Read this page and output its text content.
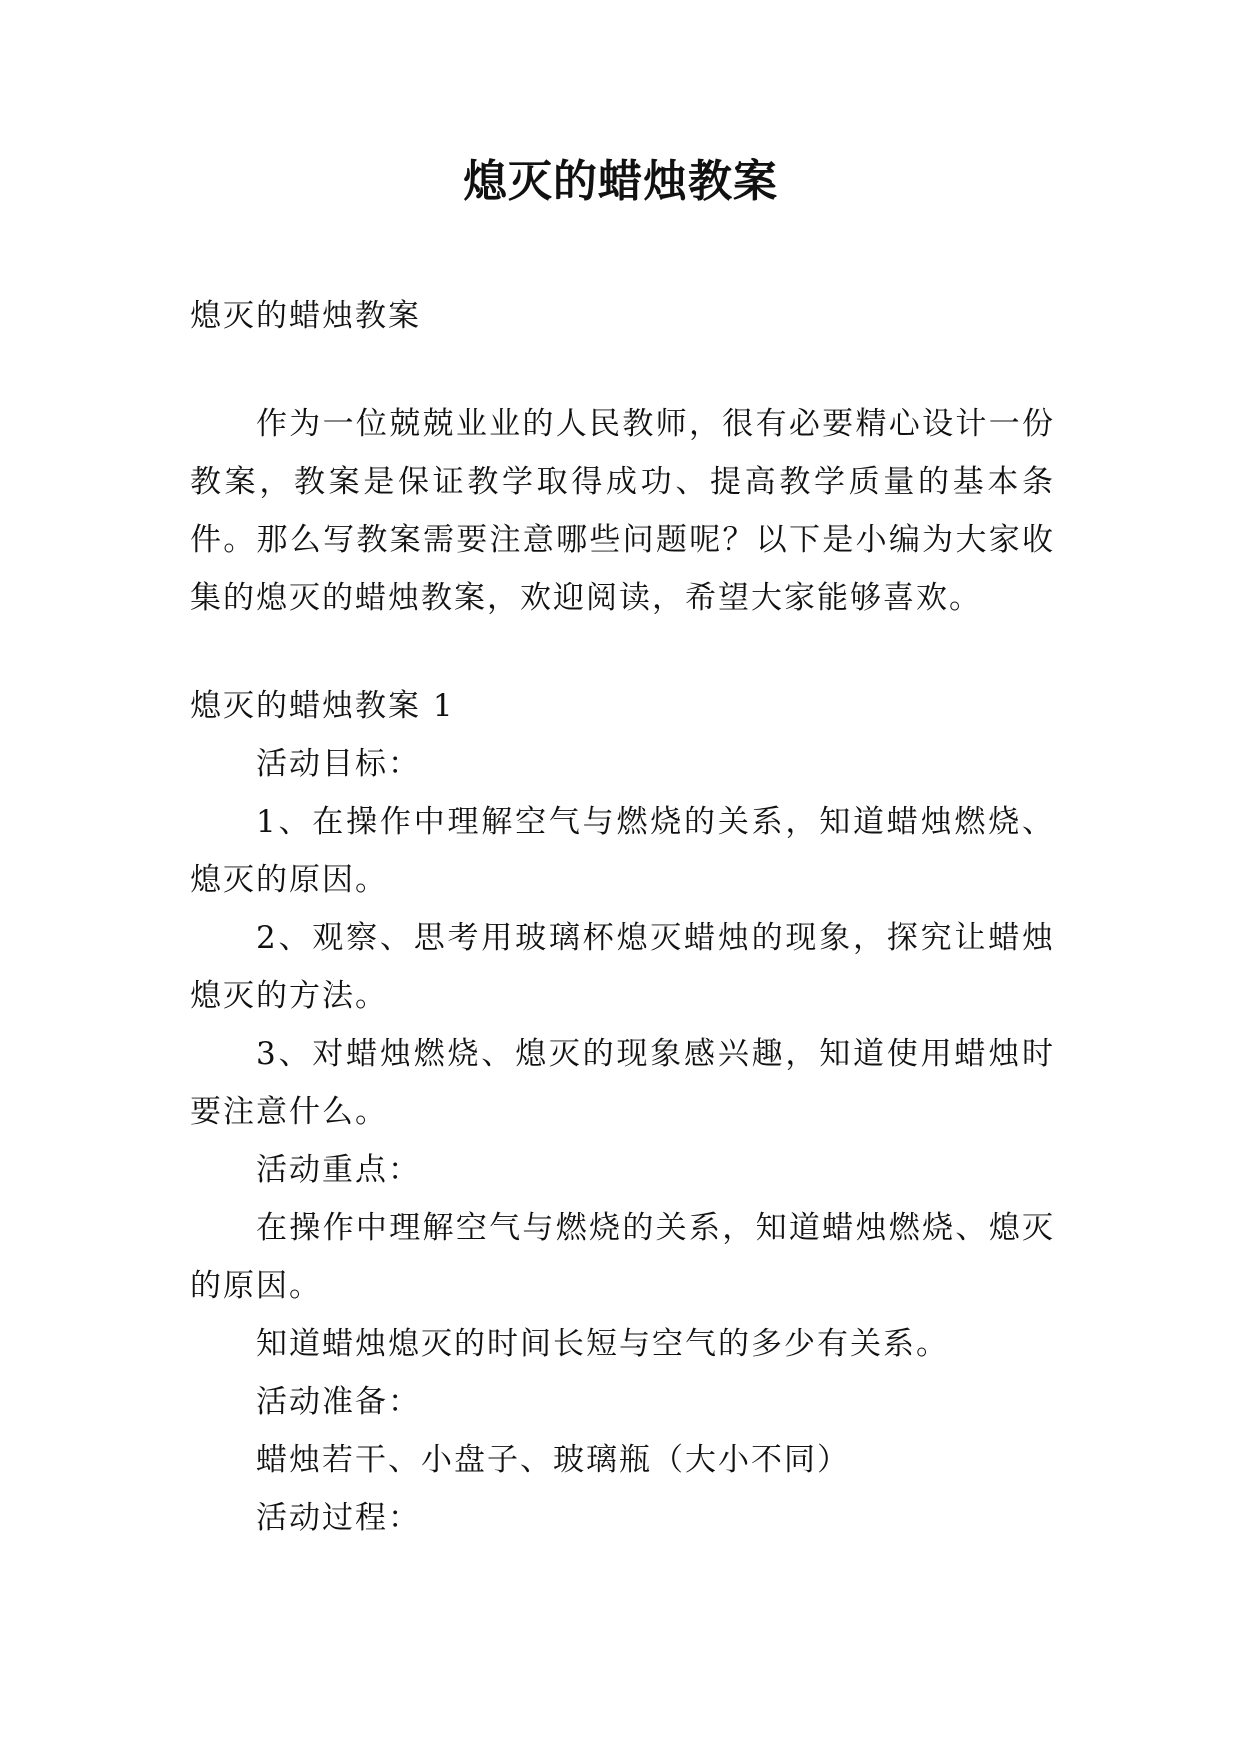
熄灭的蜡烛教案

熄灭的蜡烛教案

作为一位兢兢业业的人民教师，很有必要精心设计一份教案，教案是保证教学取得成功、提高教学质量的基本条件。那么写教案需要注意哪些问题呢？以下是小编为大家收集的熄灭的蜡烛教案，欢迎阅读，希望大家能够喜欢。

熄灭的蜡烛教案 1

活动目标：

1、在操作中理解空气与燃烧的关系，知道蜡烛燃烧、熄灭的原因。

2、观察、思考用玻璃杯熄灭蜡烛的现象，探究让蜡烛熄灭的方法。

3、对蜡烛燃烧、熄灭的现象感兴趣，知道使用蜡烛时要注意什么。

活动重点：

在操作中理解空气与燃烧的关系，知道蜡烛燃烧、熄灭的原因。

知道蜡烛熄灭的时间长短与空气的多少有关系。

活动准备：

蜡烛若干、小盘子、玻璃瓶（大小不同）

活动过程：
